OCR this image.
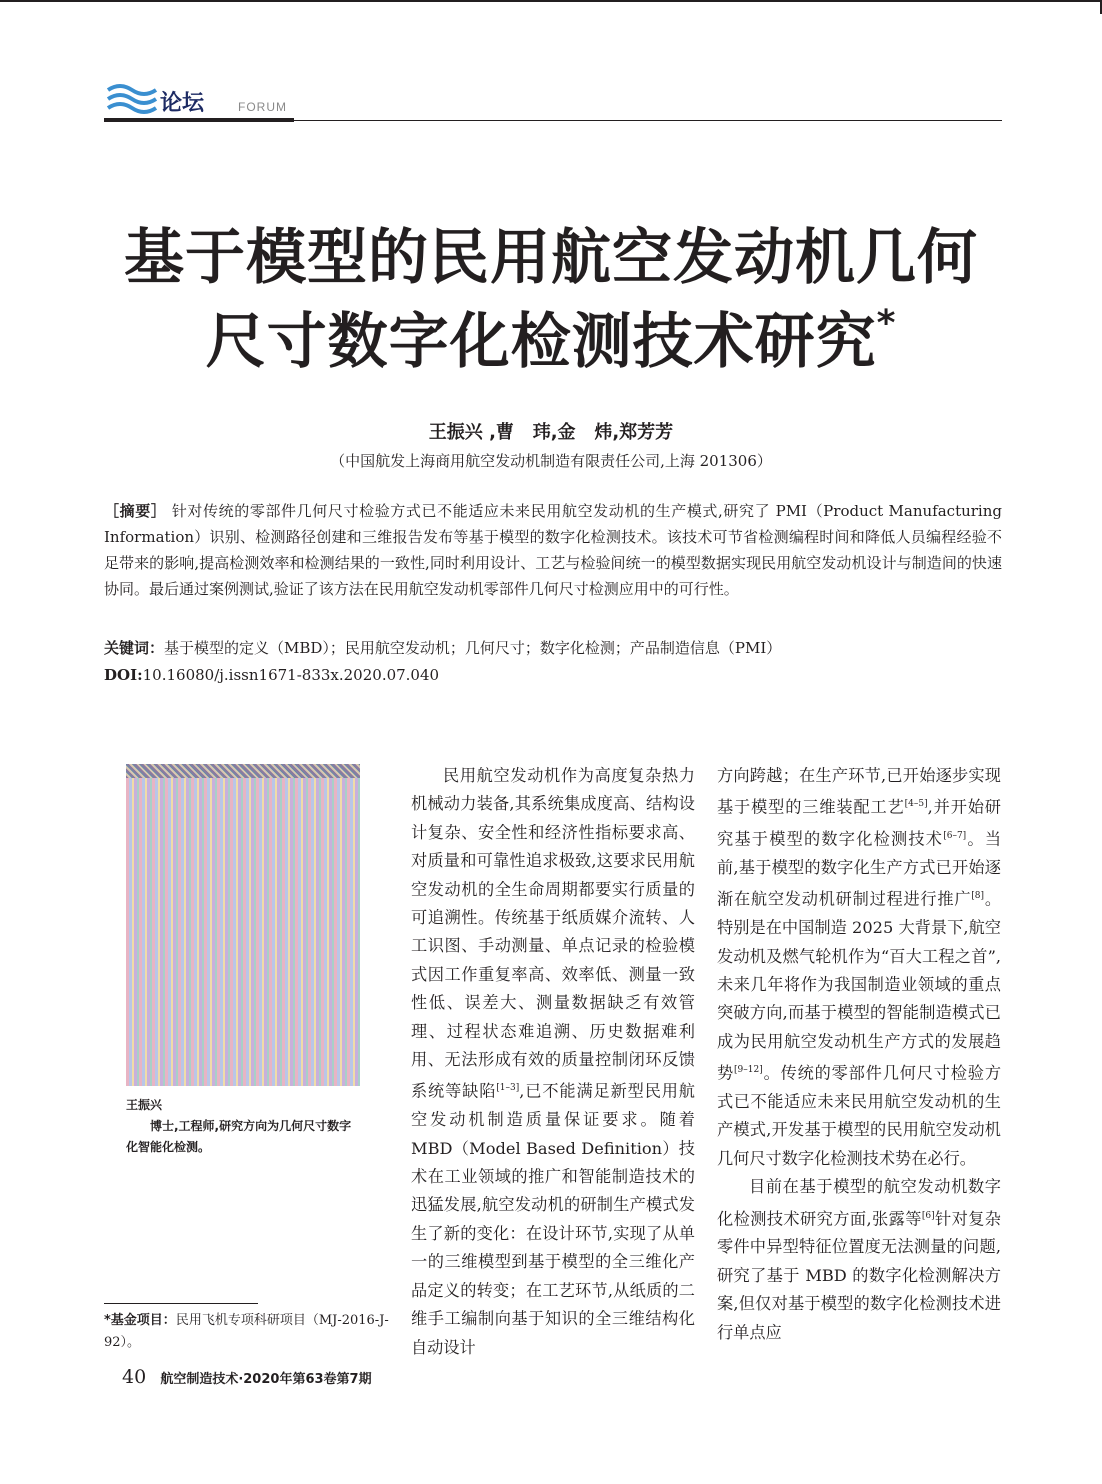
论坛	FORUM
基于模型的民用航空发动机几何
尺寸数字化检测技术研究*
王振兴 ,曹   玮,金   炜,郑芳芳
（中国航发上海商用航空发动机制造有限责任公司,上海 201306）
［摘要］ 针对传统的零部件几何尺寸检验方式已不能适应未来民用航空发动机的生产模式,研究了 PMI（Product Manufacturing Information）识别、检测路径创建和三维报告发布等基于模型的数字化检测技术。该技术可节省检测编程时间和降低人员编程经验不足带来的影响,提高检测效率和检测结果的一致性,同时利用设计、工艺与检验间统一的模型数据实现民用航空发动机设计与制造间的快速协同。最后通过案例测试,验证了该方法在民用航空发动机零部件几何尺寸检测应用中的可行性。
关键词：基于模型的定义（MBD）；民用航空发动机；几何尺寸；数字化检测；产品制造信息（PMI）
DOI:10.16080/j.issn1671-833x.2020.07.040
王振兴
博士,工程师,研究方向为几何尺寸数字化智能化检测。

民用航空发动机作为高度复杂热力机械动力装备,其系统集成度高、结构设计复杂、安全性和经济性指标要求高、对质量和可靠性追求极致,这要求民用航空发动机的全生命周期都要实行质量的可追溯性。传统基于纸质媒介流转、人工识图、手动测量、单点记录的检验模式因工作重复率高、效率低、测量一致性低、误差大、测量数据缺乏有效管理、过程状态难追溯、历史数据难利用、无法形成有效的质量控制闭环反馈系统等缺陷[1–3],已不能满足新型民用航空发动机制造质量保证要求。随着MBD（Model Based Definition）技术在工业领域的推广和智能制造技术的迅猛发展,航空发动机的研制生产模式发生了新的变化：在设计环节,实现了从单一的三维模型到基于模型的全三维化产品定义的转变；在工艺环节,从纸质的二维手工编制向基于知识的全三维结构化自动设计

方向跨越；在生产环节,已开始逐步实现基于模型的三维装配工艺[4–5],并开始研究基于模型的数字化检测技术[6–7]。当前,基于模型的数字化生产方式已开始逐渐在航空发动机研制过程进行推广[8]。特别是在中国制造 2025 大背景下,航空发动机及燃气轮机作为“百大工程之首”,未来几年将作为我国制造业领域的重点突破方向,而基于模型的智能制造模式已成为民用航空发动机生产方式的发展趋势[9–12]。传统的零部件几何尺寸检验方式已不能适应未来民用航空发动机的生产模式,开发基于模型的民用航空发动机几何尺寸数字化检测技术势在必行。

目前在基于模型的航空发动机数字化检测技术研究方面,张露等[6]针对复杂零件中异型特征位置度无法测量的问题,研究了基于 MBD 的数字化检测解决方案,但仅对基于模型的数字化检测技术进行单点应

*基金项目：民用飞机专项科研项目（MJ-2016-J-92）。
40 航空制造技术·2020年第63卷第7期
